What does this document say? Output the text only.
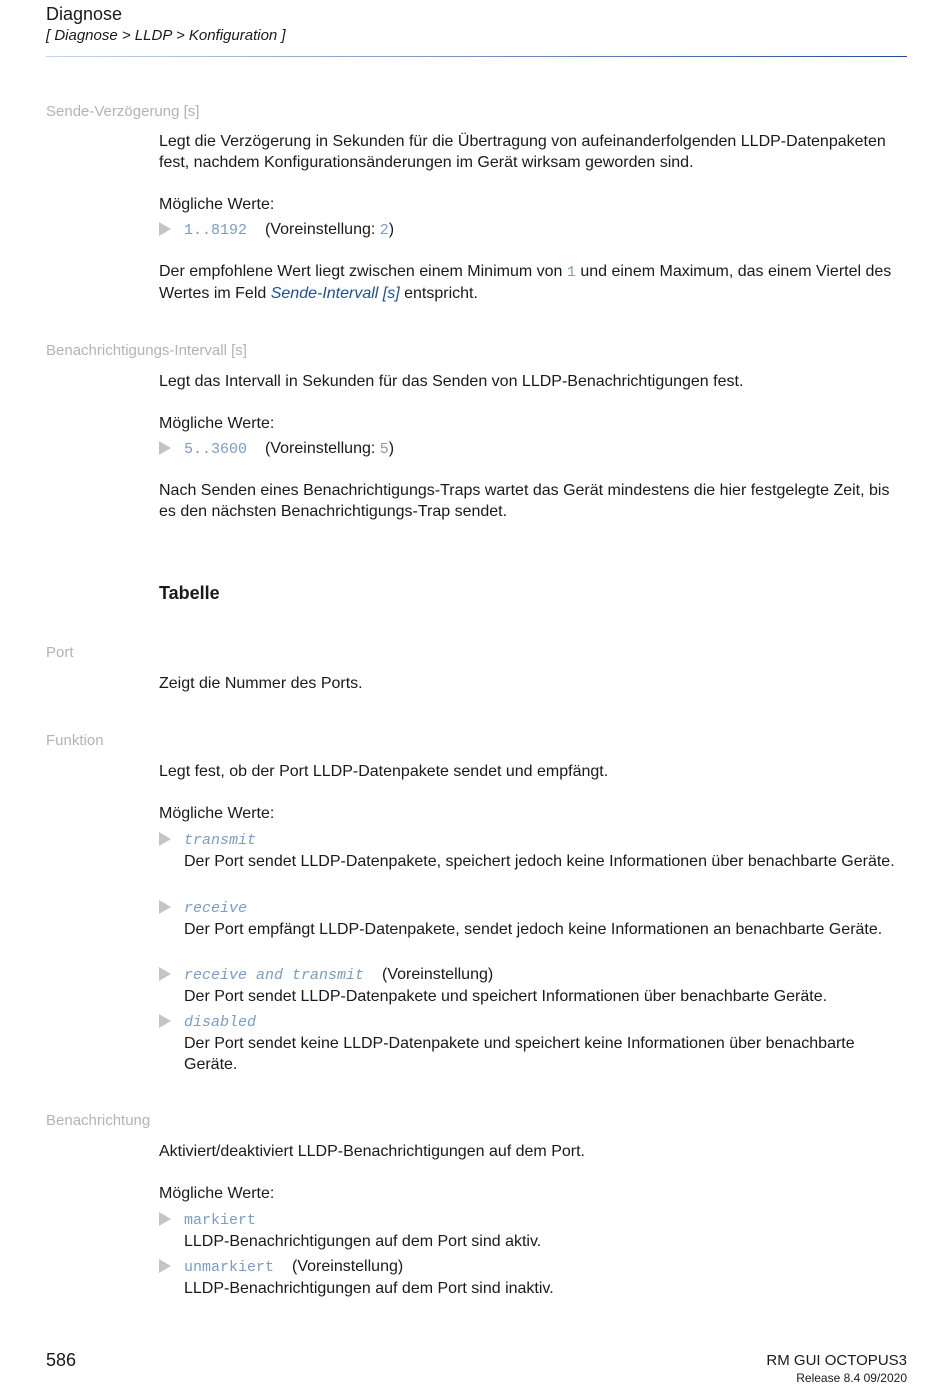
Diagnose
[ Diagnose > LLDP > Konfiguration ]
Sende-Verzögerung [s]
Legt die Verzögerung in Sekunden für die Übertragung von aufeinanderfolgenden LLDP-Datenpaketen fest, nachdem Konfigurationsänderungen im Gerät wirksam geworden sind.
Mögliche Werte:
1..8192 (Voreinstellung: 2)
Der empfohlene Wert liegt zwischen einem Minimum von 1 und einem Maximum, das einem Viertel des Wertes im Feld Sende-Intervall [s] entspricht.
Benachrichtigungs-Intervall [s]
Legt das Intervall in Sekunden für das Senden von LLDP-Benachrichtigungen fest.
Mögliche Werte:
5..3600 (Voreinstellung: 5)
Nach Senden eines Benachrichtigungs-Traps wartet das Gerät mindestens die hier festgelegte Zeit, bis es den nächsten Benachrichtigungs-Trap sendet.
Tabelle
Port
Zeigt die Nummer des Ports.
Funktion
Legt fest, ob der Port LLDP-Datenpakete sendet und empfängt.
Mögliche Werte:
transmit
Der Port sendet LLDP-Datenpakete, speichert jedoch keine Informationen über benachbarte Geräte.
receive
Der Port empfängt LLDP-Datenpakete, sendet jedoch keine Informationen an benachbarte Geräte.
receive and transmit (Voreinstellung)
Der Port sendet LLDP-Datenpakete und speichert Informationen über benachbarte Geräte.
disabled
Der Port sendet keine LLDP-Datenpakete und speichert keine Informationen über benachbarte Geräte.
Benachrichtung
Aktiviert/deaktiviert LLDP-Benachrichtigungen auf dem Port.
Mögliche Werte:
markiert
LLDP-Benachrichtigungen auf dem Port sind aktiv.
unmarkiert (Voreinstellung)
LLDP-Benachrichtigungen auf dem Port sind inaktiv.
586	RM GUI OCTOPUS3
Release 8.4 09/2020
